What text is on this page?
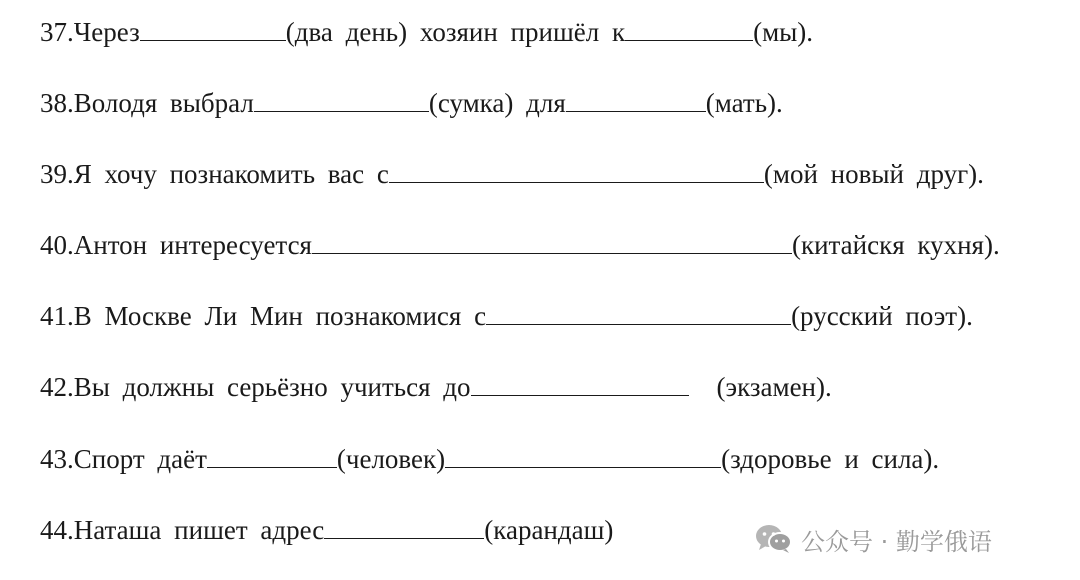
37.Через	(два день) хозяин пришёл к	(мы).
38.Володя выбрал	(сумка) для	(мать).
39.Я хочу познакомить вас с	(мой новый друг).
40.Антон интересуется	(китайскя кухня).
41.В Москве Ли Мин познакомися с	(русский поэт).
42.Вы должны серьёзно учиться до	(экзамен).
43.Спорт даёт	(человек)	(здоровье и сила).
44.Наташа пишет адрес	(карандаш)	公众号 · 勤学俄语
